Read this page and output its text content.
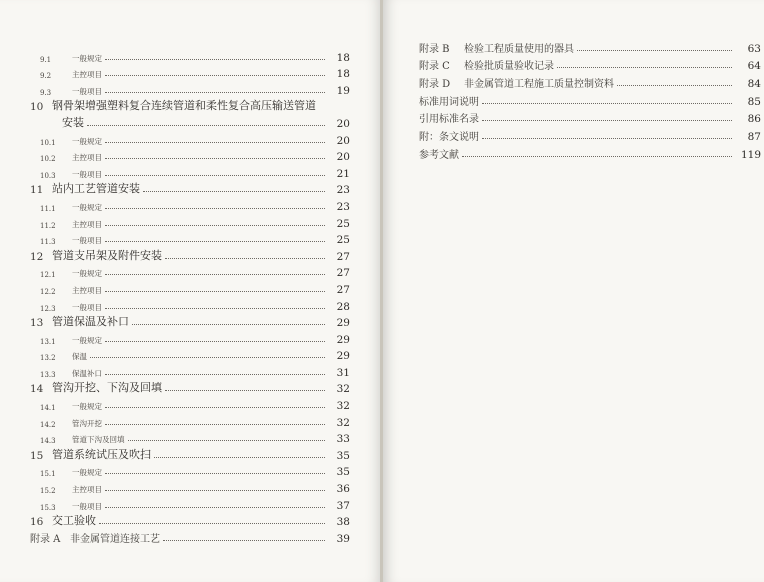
9.1	一般规定	18
9.2	主控项目	18
9.3	一般项目	19
10 钢骨架增强塑料复合连续管道和柔性复合高压输送管道
安装	20
10.1	一般规定	20
10.2	主控项目	20
10.3	一般项目	21
11 站内工艺管道安装	23
11.1	一般规定	23
11.2	主控项目	25
11.3	一般项目	25
12 管道支吊架及附件安装	27
12.1	一般规定	27
12.2	主控项目	27
12.3	一般项目	28
13 管道保温及补口	29
13.1	一般规定	29
13.2	保温	29
13.3	保温补口	31
14 管沟开挖、下沟及回填	32
14.1	一般规定	32
14.2	管沟开挖	32
14.3	管道下沟及回填	33
15 管道系统试压及吹扫	35
15.1	一般规定	35
15.2	主控项目	36
15.3	一般项目	37
16 交工验收	38
附录 A 非金属管道连接工艺	39
附录 B	检验工程质量使用的器具	63
附录 C	检验批质量验收记录	64
附录 D	非金属管道工程施工质量控制资料	84
标准用词说明	85
引用标准名录	86
附：条文说明	87
参考文献	119
